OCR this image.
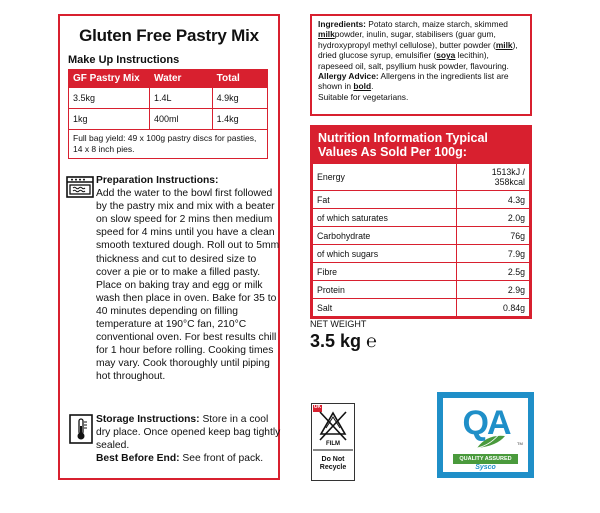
Gluten Free Pastry Mix
Make Up Instructions
GF Pastry Mix	Water	Total
3.5kg	1.4L	4.9kg
1kg	400ml	1.4kg
Full bag yield: 49 x 100g pastry discs for pasties, 14 x 8 inch pies.
Preparation Instructions:
Add the water to the bowl first followed by the pastry mix and mix with a beater on slow speed for 2 mins then medium speed for 4 mins until you have a clean smooth textured dough. Roll out to 5mm thickness and cut to desired size to cover a pie or to make a filled pasty. Place on baking tray and egg or milk wash then place in oven. Bake for 35 to 40 minutes depending on filling temperature at 190°C fan, 210°C conventional oven. For best results chill for 1 hour before rolling. Cooking times may vary. Cook thoroughly until piping hot throughout.
Storage Instructions: Store in a cool dry place. Once opened keep bag tightly sealed.
Best Before End: See front of pack.
Ingredients: Potato starch, maize starch, skimmed milkpowder, inulin, sugar, stabilisers (guar gum, hydroxypropyl methyl cellulose), butter powder (milk), dried glucose syrup, emulsifier (soya lecithin), rapeseed oil, salt, psyllium husk powder, flavouring. Allergy Advice: Allergens in the ingredients list are shown in bold.
Suitable for vegetarians.
Nutrition Information Typical Values As Sold Per 100g:
Energy	1513kJ / 358kcal
Fat	4.3g
of which saturates	2.0g
Carbohydrate	76g
of which sugars	7.9g
Fibre	2.5g
Protein	2.9g
Salt	0.84g
NET WEIGHT
3.5 kg ℮
UK
FILM
Do Not
Recycle
QA
TM
QUALITY ASSURED
Sysco
